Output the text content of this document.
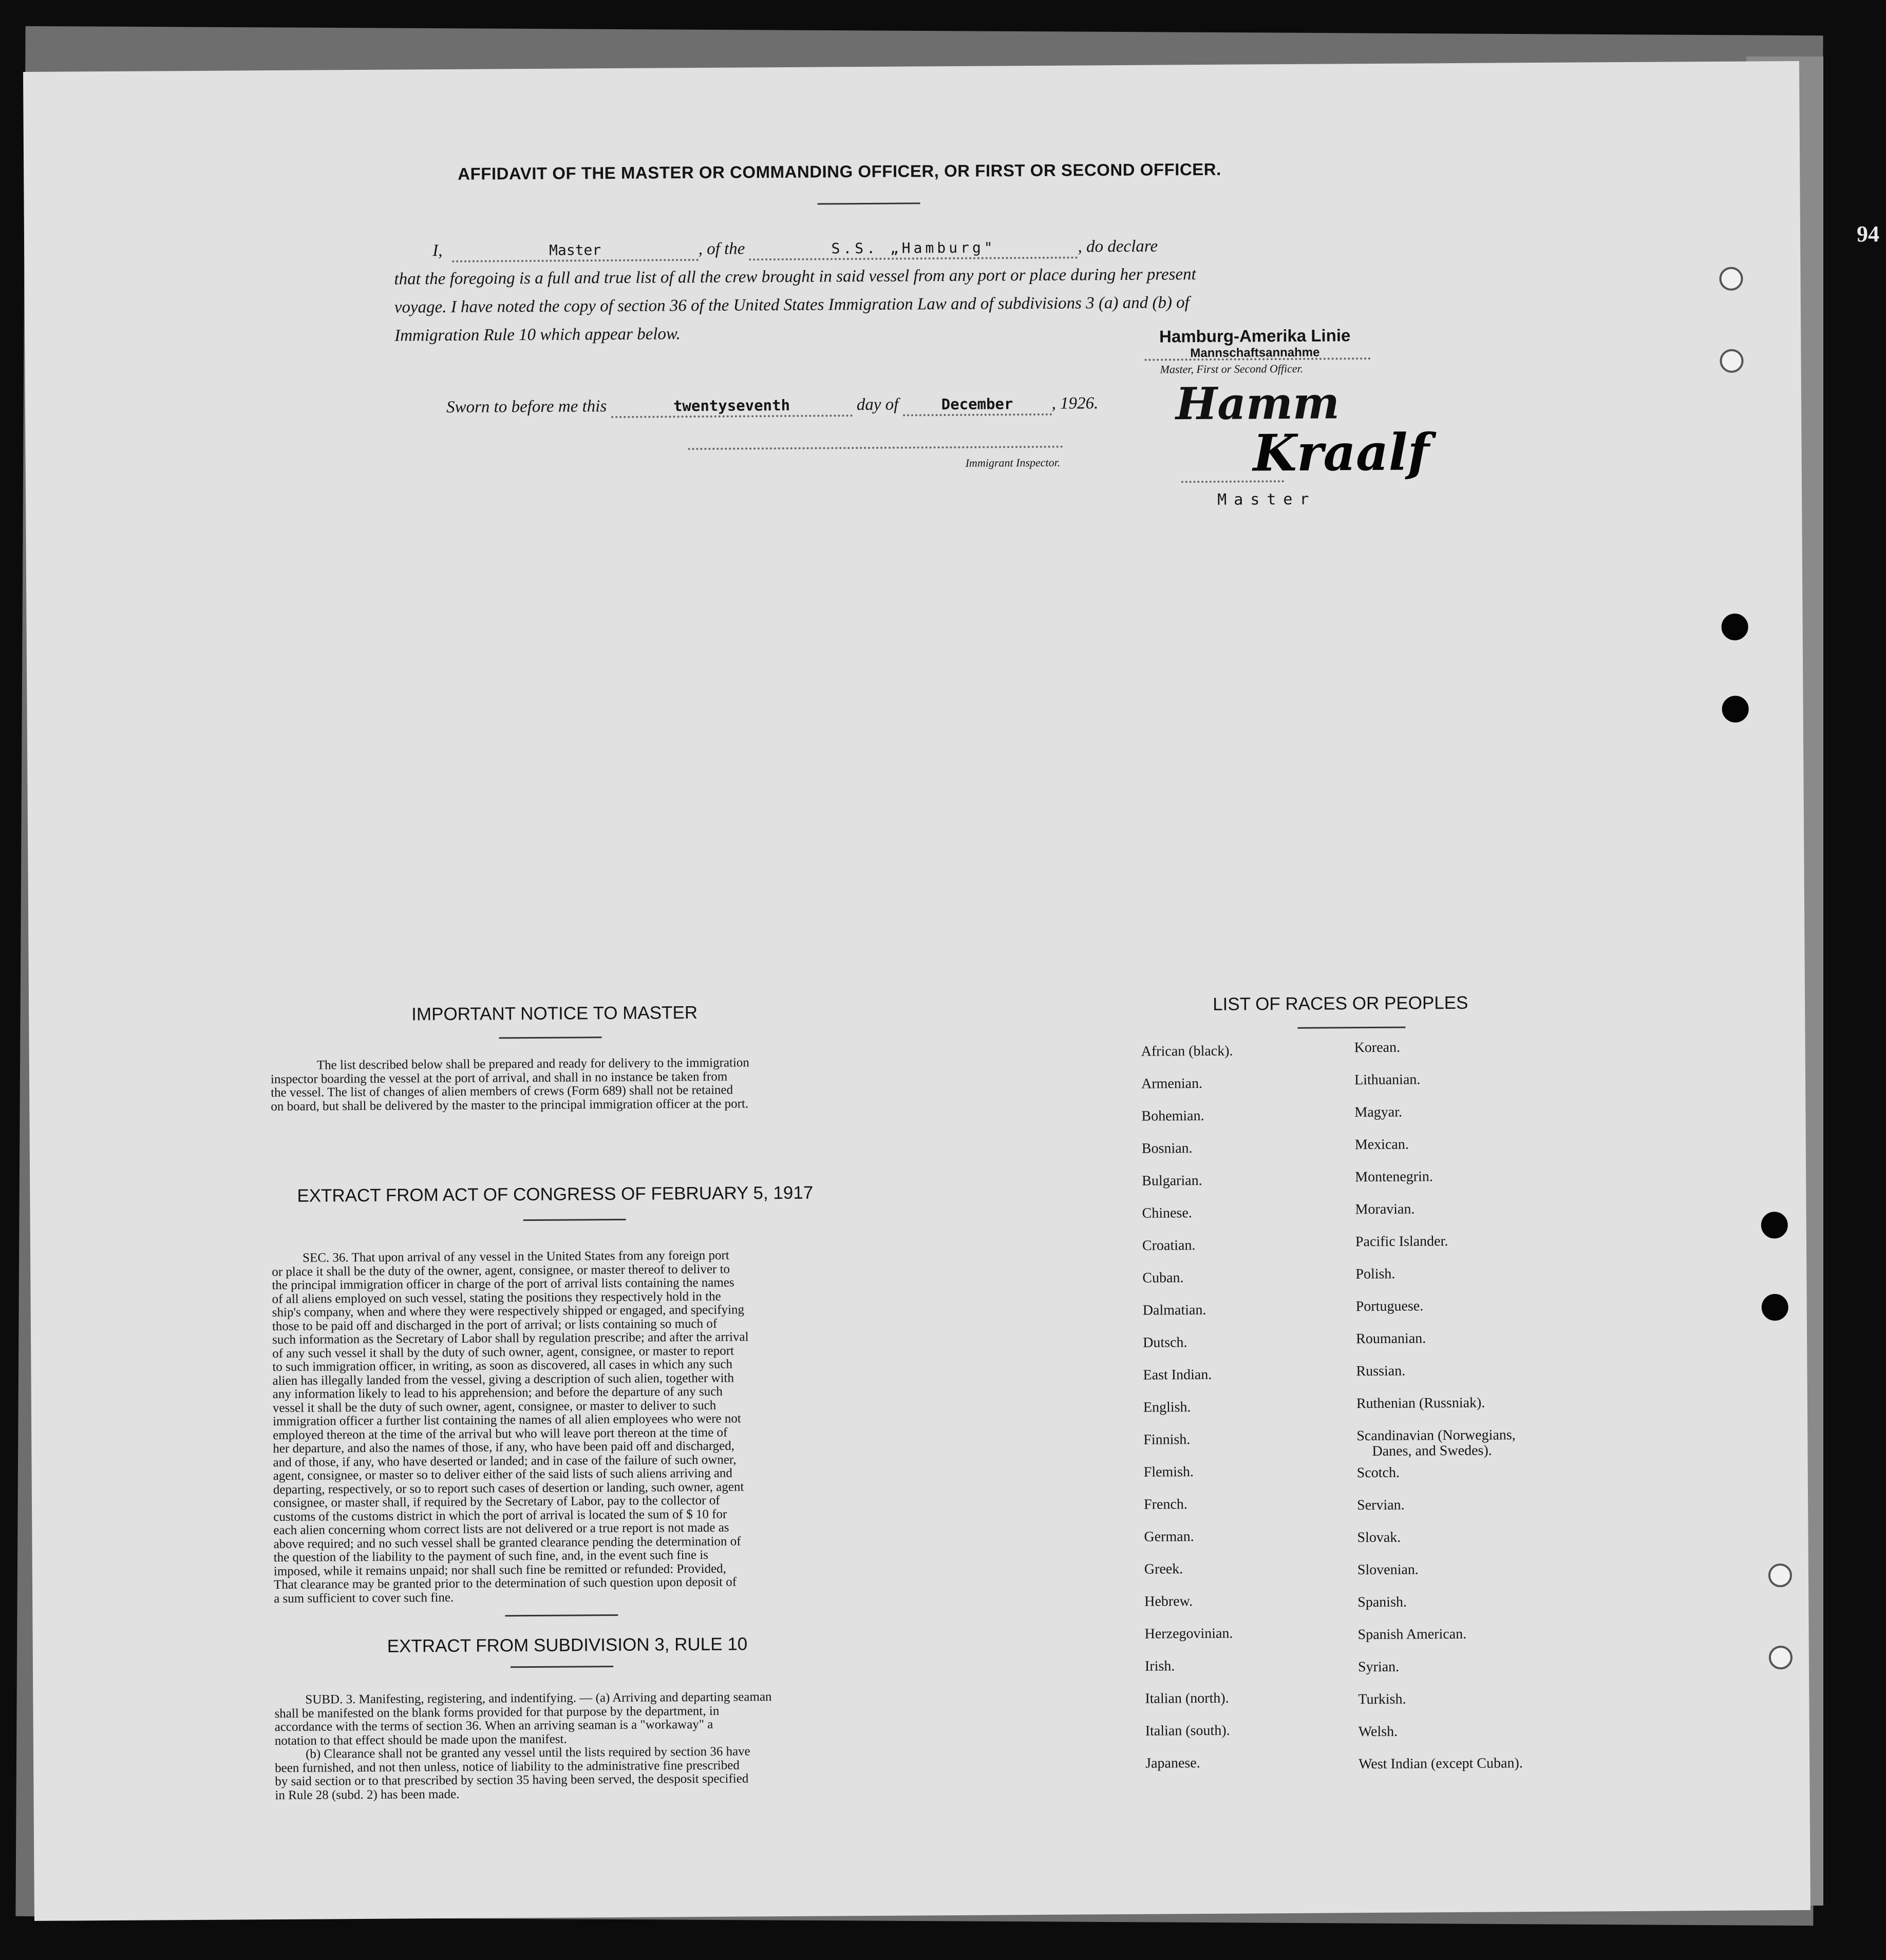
94
AFFIDAVIT OF THE MASTER OR COMMANDING OFFICER, OR FIRST OR SECOND OFFICER.
I,	Master	, of the	S.S. „Hamburg"	, do declare
that the foregoing is a full and true list of all the crew brought in said vessel from any port or place during her present
voyage. I have noted the copy of section 36 of the United States Immigration Law and of subdivisions 3 (a) and (b) of
Immigration Rule 10 which appear below.	Hamburg-Amerika Linie
Mannschaftsannahme
Master, First or Second Officer.
Sworn to before me this	twentyseventh	day of	December , 1926. Hamm
Immigrant Inspector.	Kraalf
Master
IMPORTANT NOTICE TO MASTER
The list described below shall be prepared and ready for delivery to the immigration
inspector boarding the vessel at the port of arrival, and shall in no instance be taken from
the vessel. The list of changes of alien members of crews (Form 689) shall not be retained
on board, but shall be delivered by the master to the principal immigration officer at the port.
EXTRACT FROM ACT OF CONGRESS OF FEBRUARY 5, 1917
SEC. 36. That upon arrival of any vessel in the United States from any foreign port
or place it shall be the duty of the owner, agent, consignee, or master thereof to deliver to
the principal immigration officer in charge of the port of arrival lists containing the names
of all aliens employed on such vessel, stating the positions they respectively hold in the
ship's company, when and where they were respectively shipped or engaged, and specifying
those to be paid off and discharged in the port of arrival; or lists containing so much of
such information as the Secretary of Labor shall by regulation prescribe; and after the arrival
of any such vessel it shall by the duty of such owner, agent, consignee, or master to report
to such immigration officer, in writing, as soon as discovered, all cases in which any such
alien has illegally landed from the vessel, giving a description of such alien, together with
any information likely to lead to his apprehension; and before the departure of any such
vessel it shall be the duty of such owner, agent, consignee, or master to deliver to such
immigration officer a further list containing the names of all alien employees who were not
employed thereon at the time of the arrival but who will leave port thereon at the time of
her departure, and also the names of those, if any, who have been paid off and discharged,
and of those, if any, who have deserted or landed; and in case of the failure of such owner,
agent, consignee, or master so to deliver either of the said lists of such aliens arriving and
departing, respectively, or so to report such cases of desertion or landing, such owner, agent
consignee, or master shall, if required by the Secretary of Labor, pay to the collector of
customs of the customs district in which the port of arrival is located the sum of $ 10 for
each alien concerning whom correct lists are not delivered or a true report is not made as
above required; and no such vessel shall be granted clearance pending the determination of
the question of the liability to the payment of such fine, and, in the event such fine is
imposed, while it remains unpaid; nor shall such fine be remitted or refunded: Provided,
That clearance may be granted prior to the determination of such question upon deposit of
a sum sufficient to cover such fine.
EXTRACT FROM SUBDIVISION 3, RULE 10
SUBD. 3. Manifesting, registering, and indentifying. — (a) Arriving and departing seaman
shall be manifested on the blank forms provided for that purpose by the department, in
accordance with the terms of section 36. When an arriving seaman is a "workaway" a
notation to that effect should be made upon the manifest.
(b) Clearance shall not be granted any vessel until the lists required by section 36 have
been furnished, and not then unless, notice of liability to the administrative fine prescribed
by said section or to that prescribed by section 35 having been served, the desposit specified
in Rule 28 (subd. 2) has been made.
LIST OF RACES OR PEOPLES
African (black).
Armenian.
Bohemian.
Bosnian.
Bulgarian.
Chinese.
Croatian.
Cuban.
Dalmatian.
Dutsch.
East Indian.
English.
Finnish.
Flemish.
French.
German.
Greek.
Hebrew.
Herzegovinian.
Irish.
Italian (north).
Italian (south).
Japanese.
Korean.
Lithuanian.
Magyar.
Mexican.
Montenegrin.
Moravian.
Pacific Islander.
Polish.
Portuguese.
Roumanian.
Russian.
Ruthenian (Russniak).
Scandinavian (Norwegians,
Danes, and Swedes).
Scotch.
Servian.
Slovak.
Slovenian.
Spanish.
Spanish American.
Syrian.
Turkish.
Welsh.
West Indian (except Cuban).
